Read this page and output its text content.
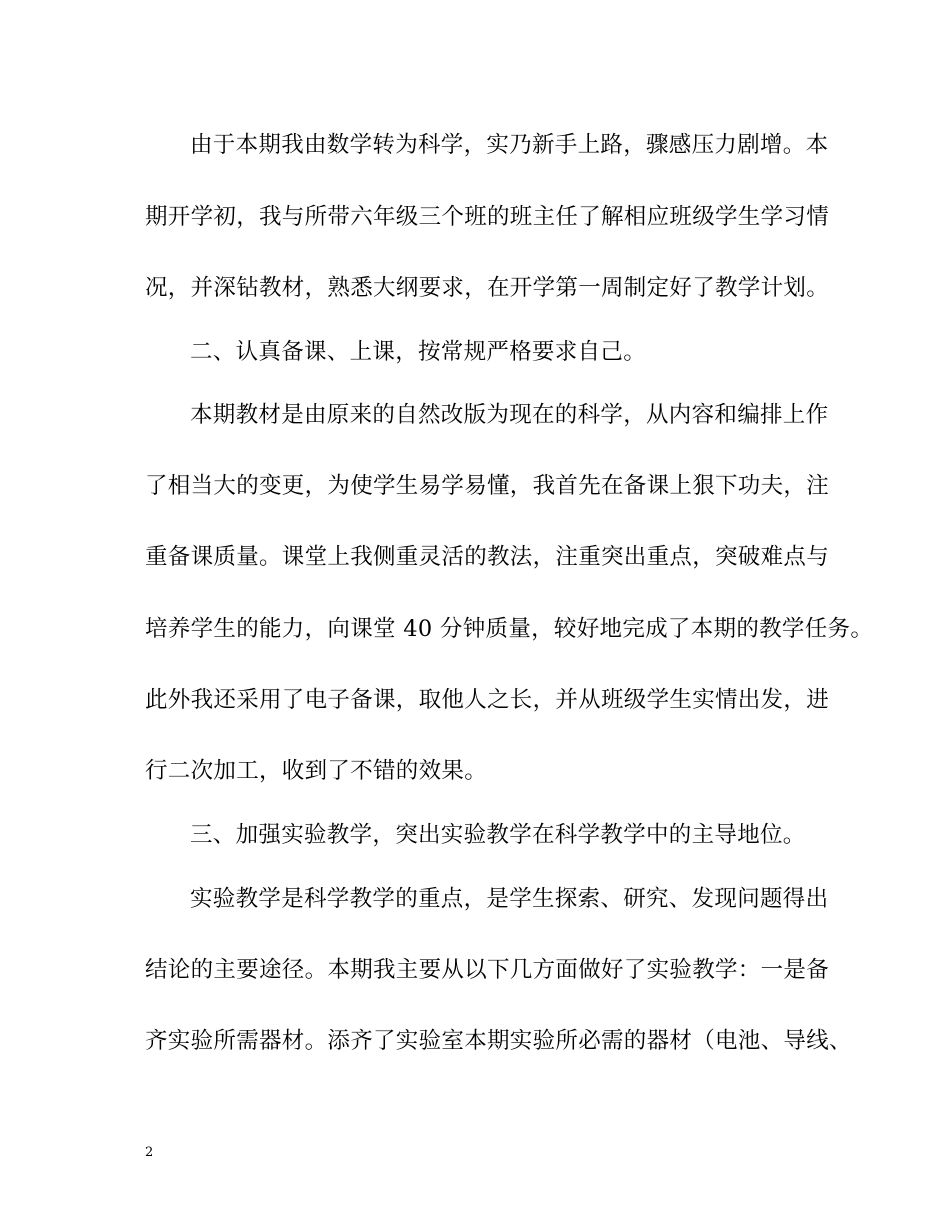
由于本期我由数学转为科学，实乃新手上路，骤感压力剧增。本
期开学初，我与所带六年级三个班的班主任了解相应班级学生学习情
况，并深钻教材，熟悉大纲要求，在开学第一周制定好了教学计划。
二、认真备课、上课，按常规严格要求自己。
本期教材是由原来的自然改版为现在的科学，从内容和编排上作
了相当大的变更，为使学生易学易懂，我首先在备课上狠下功夫，注
重备课质量。课堂上我侧重灵活的教法，注重突出重点，突破难点与
培养学生的能力，向课堂 40 分钟质量，较好地完成了本期的教学任务。
此外我还采用了电子备课，取他人之长，并从班级学生实情出发，进
行二次加工，收到了不错的效果。
三、加强实验教学，突出实验教学在科学教学中的主导地位。
实验教学是科学教学的重点，是学生探索、研究、发现问题得出
结论的主要途径。本期我主要从以下几方面做好了实验教学：一是备
齐实验所需器材。添齐了实验室本期实验所必需的器材（电池、导线、
2
